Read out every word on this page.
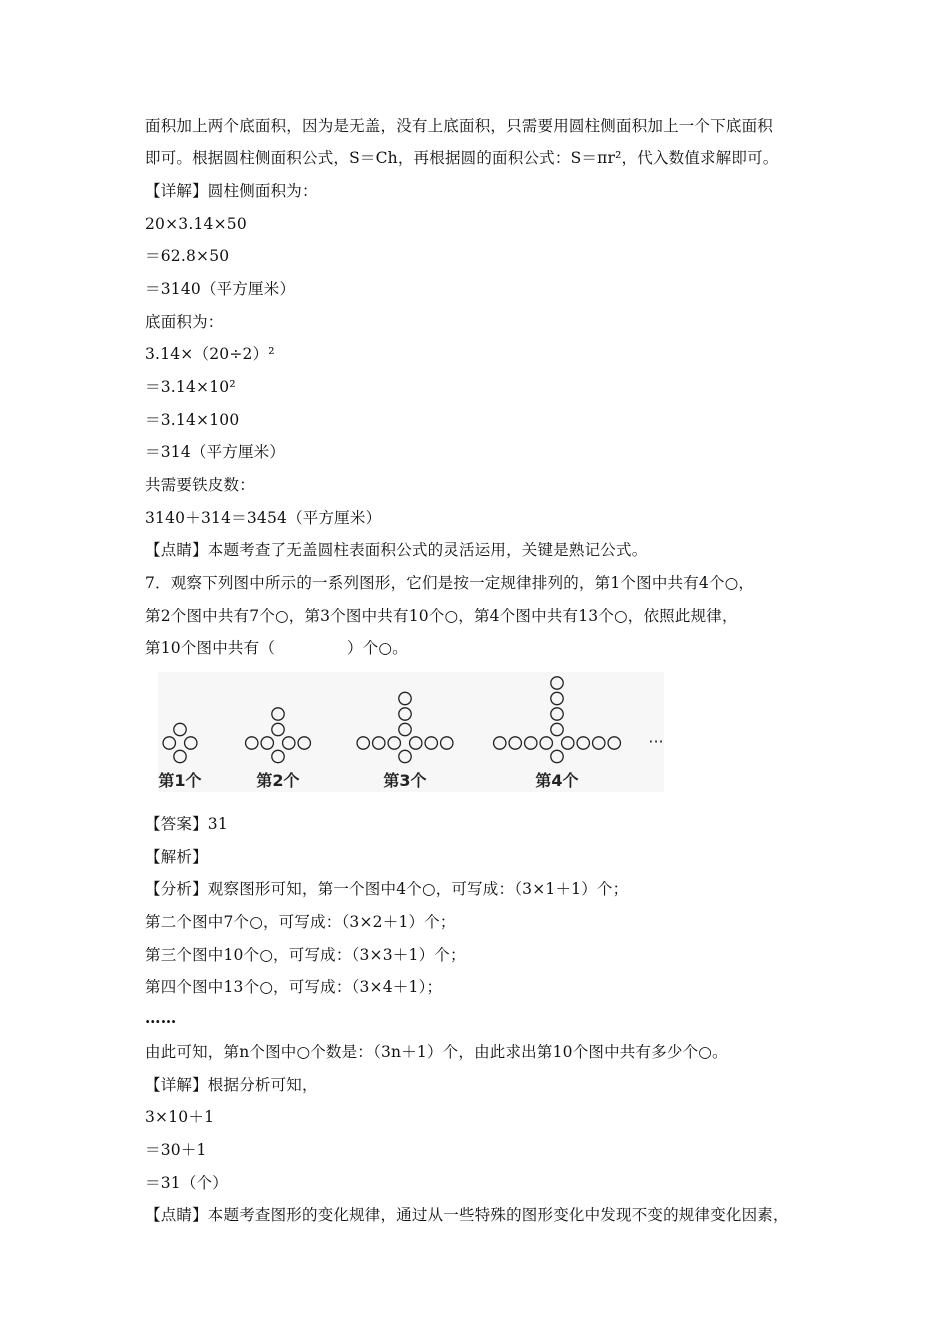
面积加上两个底面积，因为是无盖，没有上底面积，只需要用圆柱侧面积加上一个下底面积
即可。根据圆柱侧面积公式，S＝Ch，再根据圆的面积公式：S＝πr²，代入数值求解即可。
【详解】圆柱侧面积为：
20×3.14×50
＝62.8×50
＝3140（平方厘米）
底面积为：
3.14×（20÷2）²
＝3.14×10²
＝3.14×100
＝314（平方厘米）
共需要铁皮数：
3140＋314＝3454（平方厘米）
【点睛】本题考查了无盖圆柱表面积公式的灵活运用，关键是熟记公式。
7．观察下列图中所示的一系列图形，它们是按一定规律排列的，第1个图中共有4个○，
第2个图中共有7个○，第3个图中共有10个○，第4个图中共有13个○，依照此规律，
第10个图中共有（	）个○。
第1个	第2个	第3个	第4个
···
【答案】31
【解析】
【分析】观察图形可知，第一个图中4个○，可写成：（3×1＋1）个；
第二个图中7个○，可写成：（3×2＋1）个；
第三个图中10个○，可写成：（3×3＋1）个；
第四个图中13个○，可写成：（3×4＋1）；
……
由此可知，第n个图中○个数是：（3n＋1）个，由此求出第10个图中共有多少个○。
【详解】根据分析可知，
3×10＋1
＝30＋1
＝31（个）
【点睛】本题考查图形的变化规律，通过从一些特殊的图形变化中发现不变的规律变化因素，
